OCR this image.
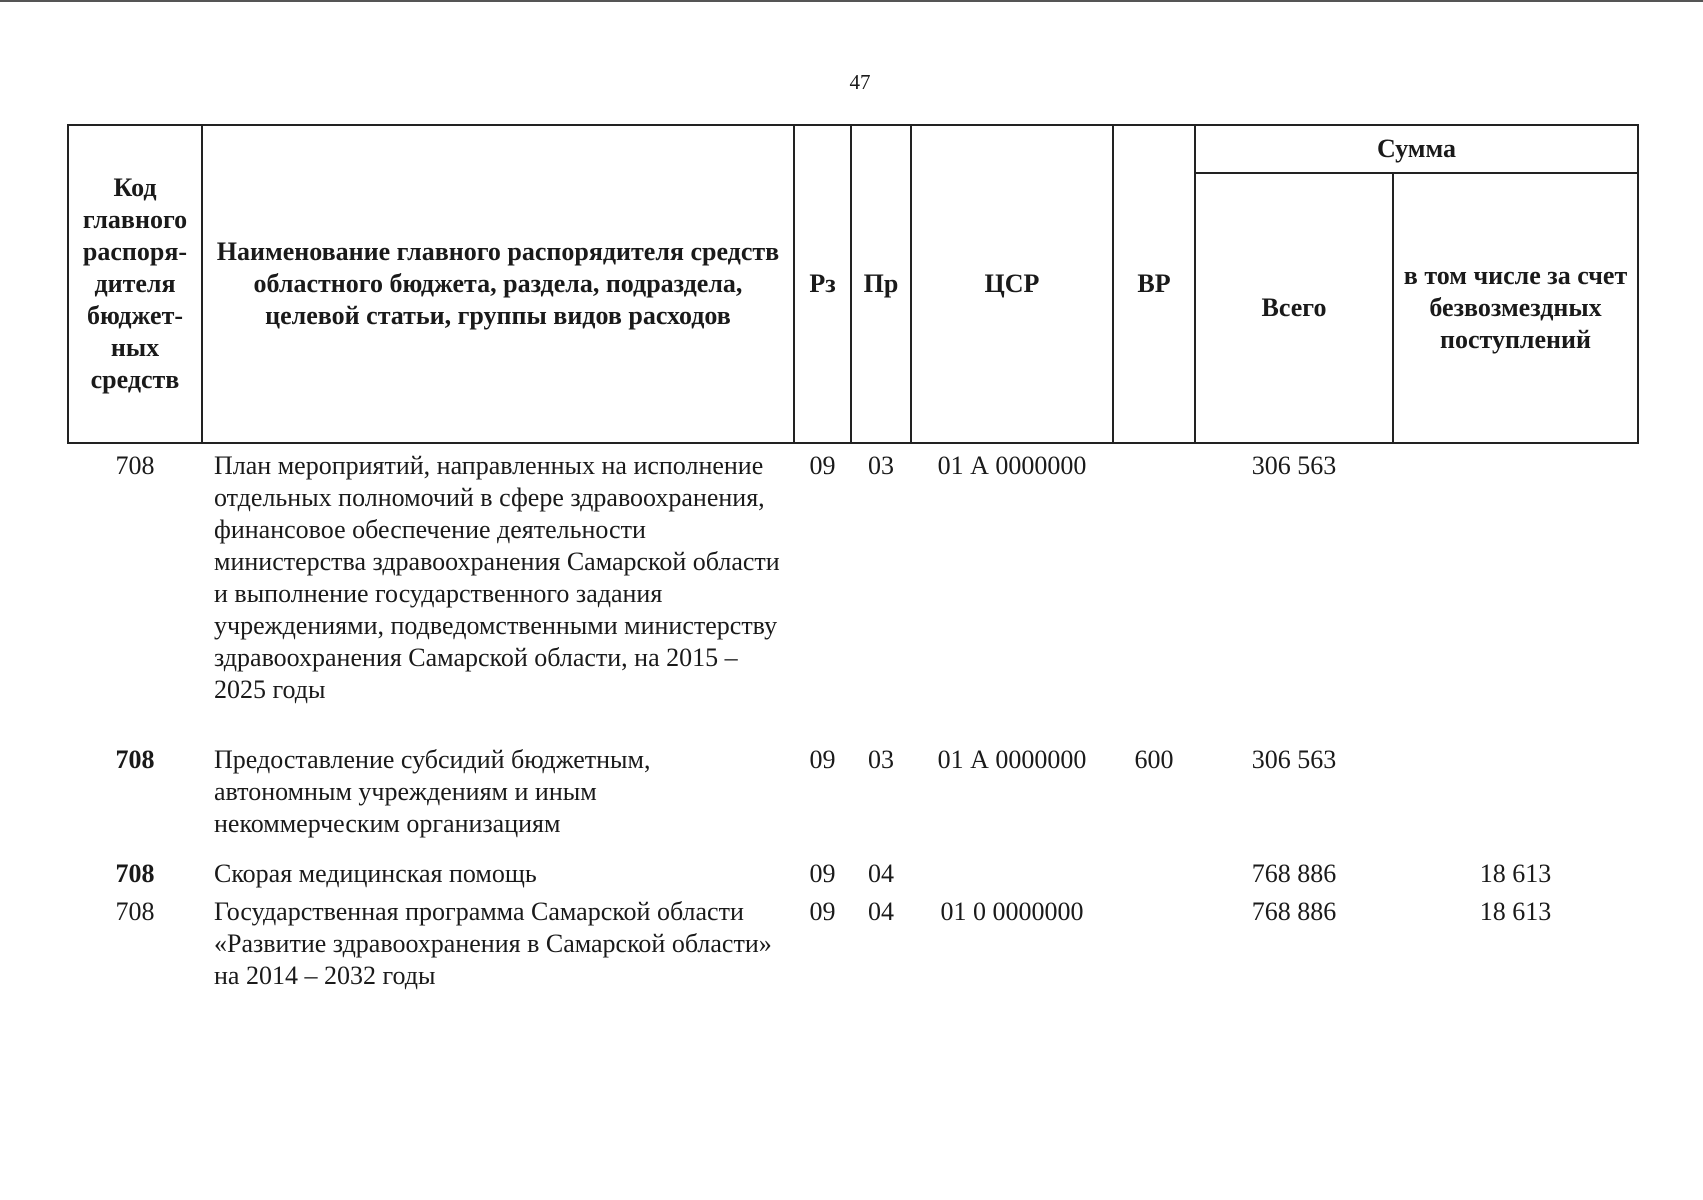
47
Код главного распоря-дителя бюджет-ных средств	Наименование главного распорядителя средств областного бюджета, раздела, подраздела, целевой статьи, группы видов расходов	Рз	Пр	ЦСР	ВР	Сумма	
						Всего	в том числе за счет безвозмездных поступлений
708	План мероприятий, направленных на исполнение отдельных полномочий в сфере здравоохранения, финансовое обеспечение деятельности министерства здравоохранения Самарской области и выполнение государственного задания учреждениями, подведомственными министерству здравоохранения Самарской области, на 2015 – 2025 годы	09	03	01 А 0000000		306 563	
708	Предоставление субсидий бюджетным, автономным учреждениям и иным некоммерческим организациям	09	03	01 А 0000000	600	306 563	
708	Скорая медицинская помощь	09	04			768 886	18 613
708	Государственная программа Самарской области «Развитие здравоохранения в Самарской области» на 2014 – 2032 годы	09	04	01 0 0000000		768 886	18 613
